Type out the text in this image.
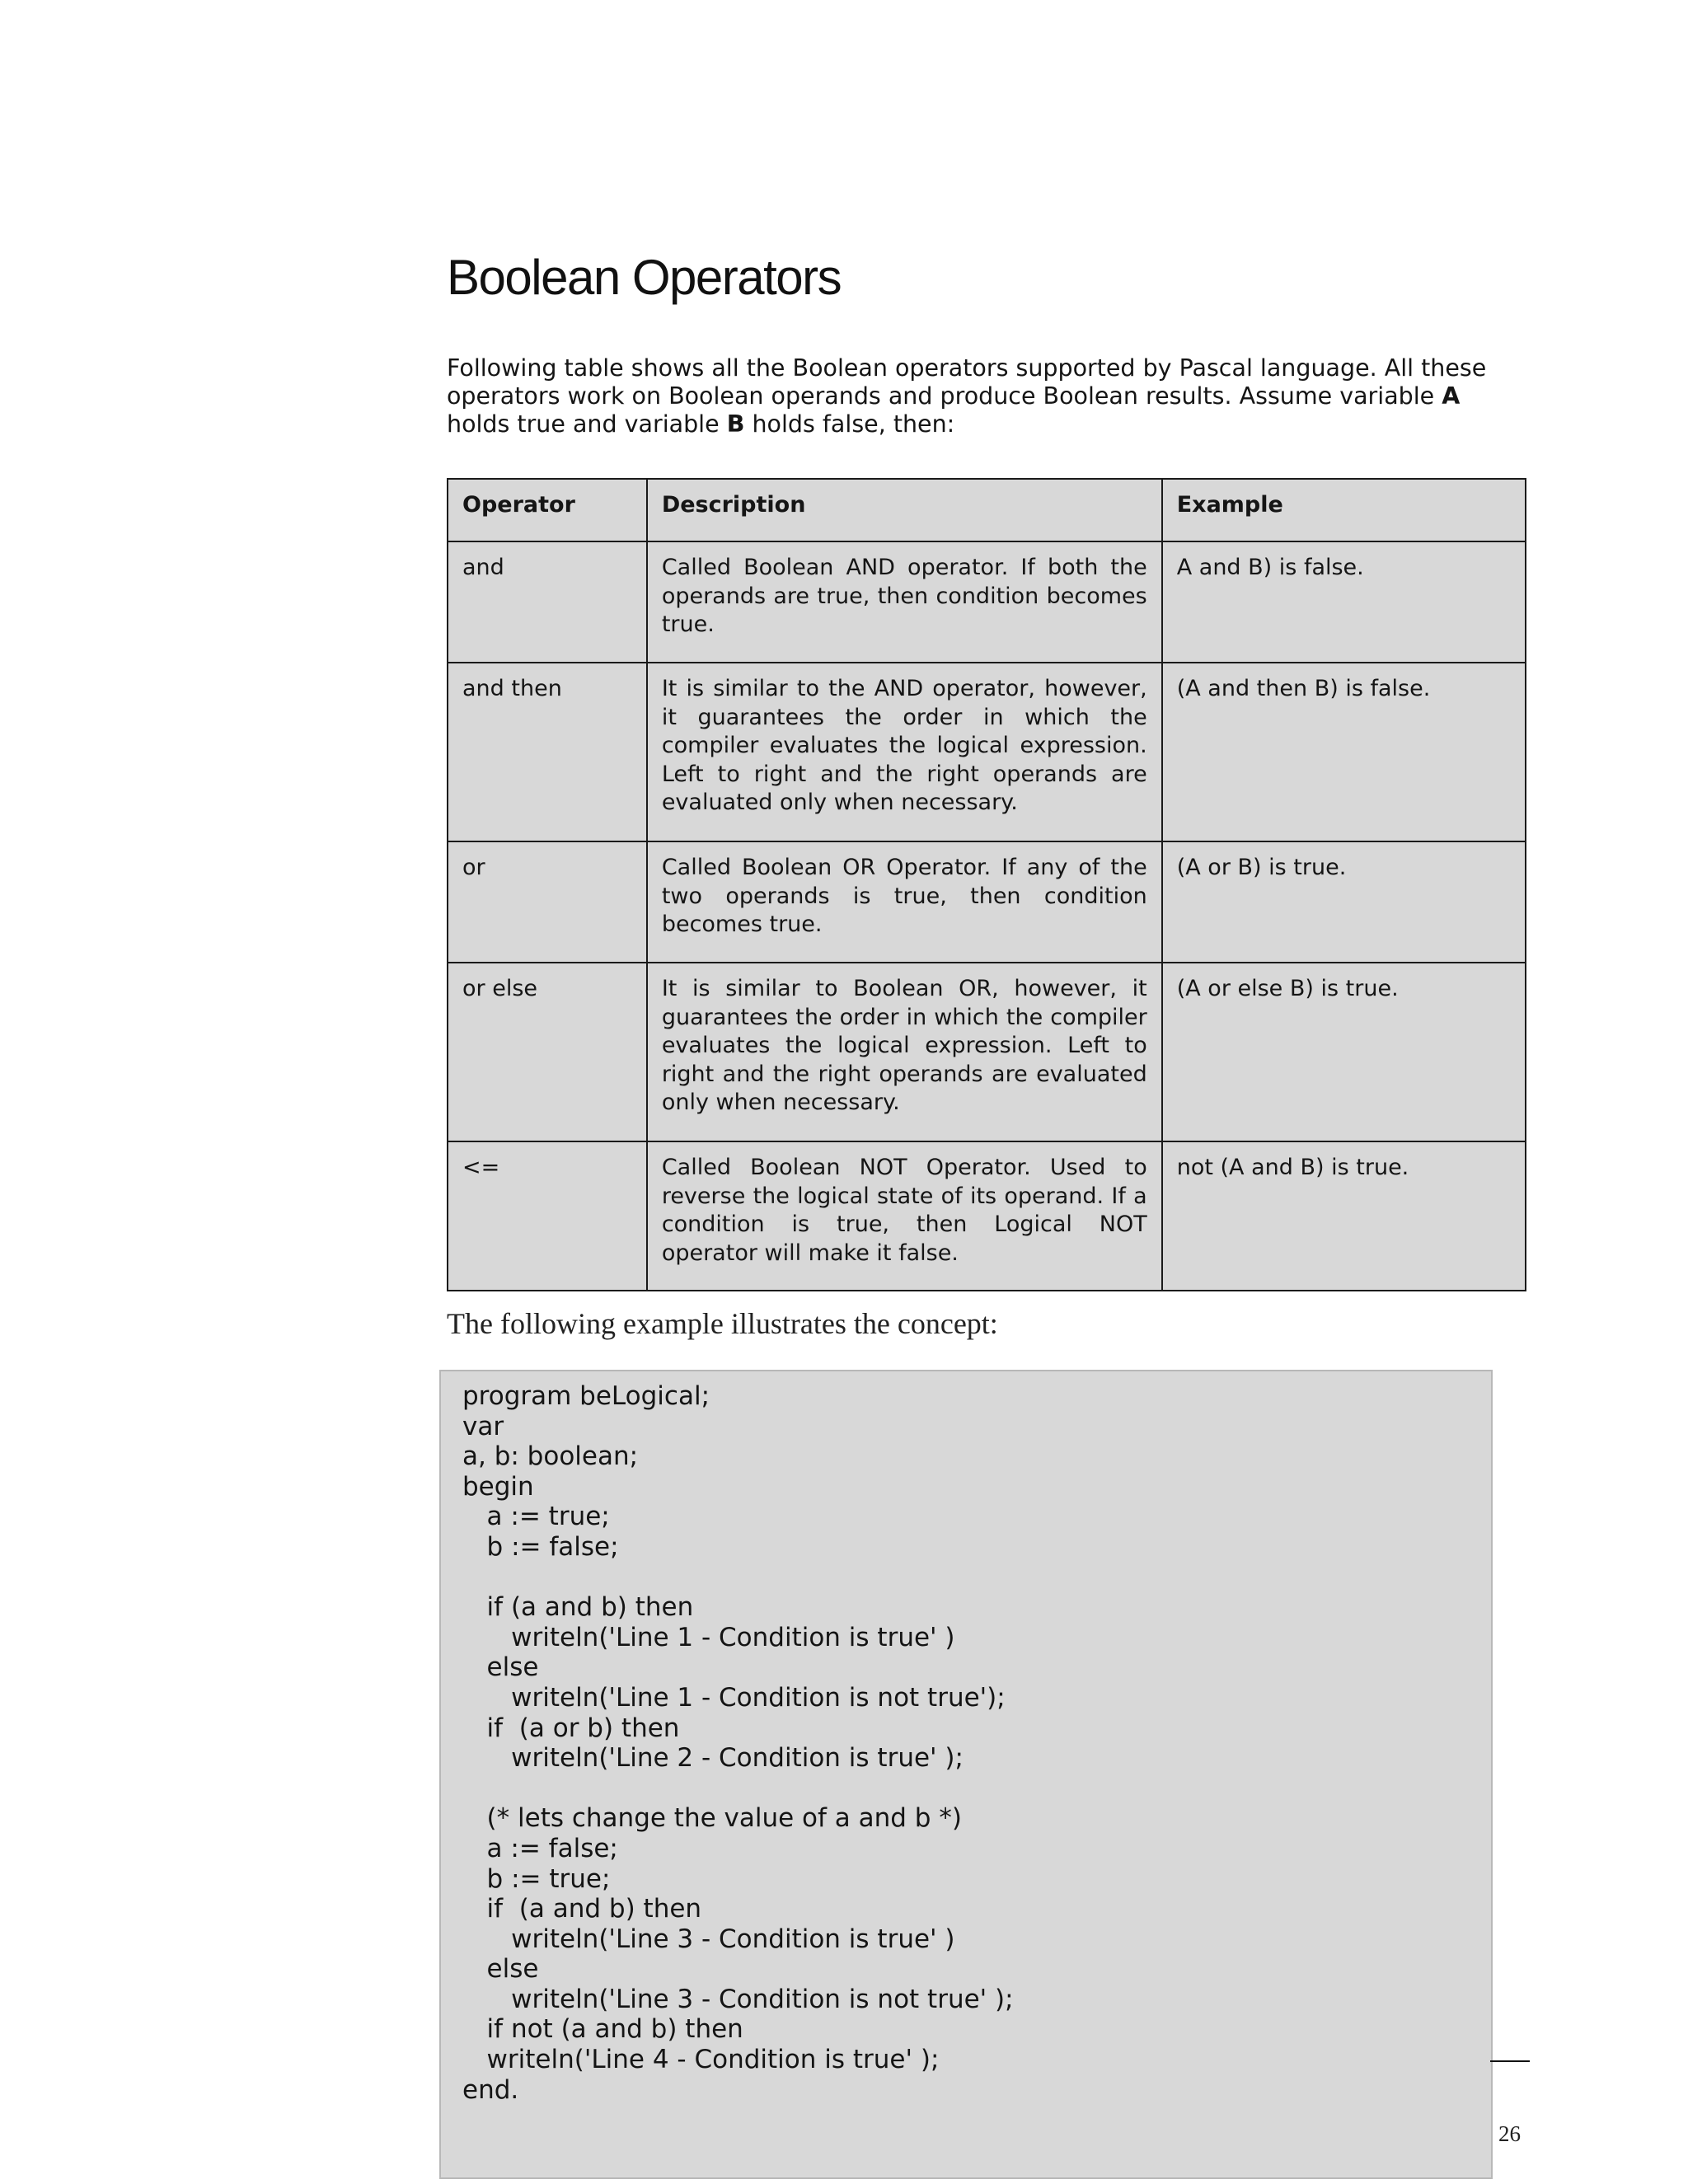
Boolean Operators

Following table shows all the Boolean operators supported by Pascal language. All these operators work on Boolean operands and produce Boolean results. Assume variable A holds true and variable B holds false, then:

Operator	Description	Example
and	Called Boolean AND operator. If both the operands are true, then condition becomes true.	A and B) is false.
and then	It is similar to the AND operator, however, it guarantees the order in which the compiler evaluates the logical expression. Left to right and the right operands are evaluated only when necessary.	(A and then B) is false.
or	Called Boolean OR Operator. If any of the two operands is true, then condition becomes true.	(A or B) is true.
or else	It is similar to Boolean OR, however, it guarantees the order in which the compiler evaluates the logical expression. Left to right and the right operands are evaluated only when necessary.	(A or else B) is true.
<=	Called Boolean NOT Operator. Used to reverse the logical state of its operand. If a condition is true, then Logical NOT operator will make it false.	not (A and B) is true.

The following example illustrates the concept:

program beLogical;
var
a, b: boolean;
begin
a := true;
b := false;
if (a and b) then
writeln('Line 1 - Condition is true' )
else
writeln('Line 1 - Condition is not true');
if  (a or b) then
writeln('Line 2 - Condition is true' );
(* lets change the value of a and b *)
a := false;
b := true;
if  (a and b) then
writeln('Line 3 - Condition is true' )
else
writeln('Line 3 - Condition is not true' );
if not (a and b) then
writeln('Line 4 - Condition is true' );
end.
26
